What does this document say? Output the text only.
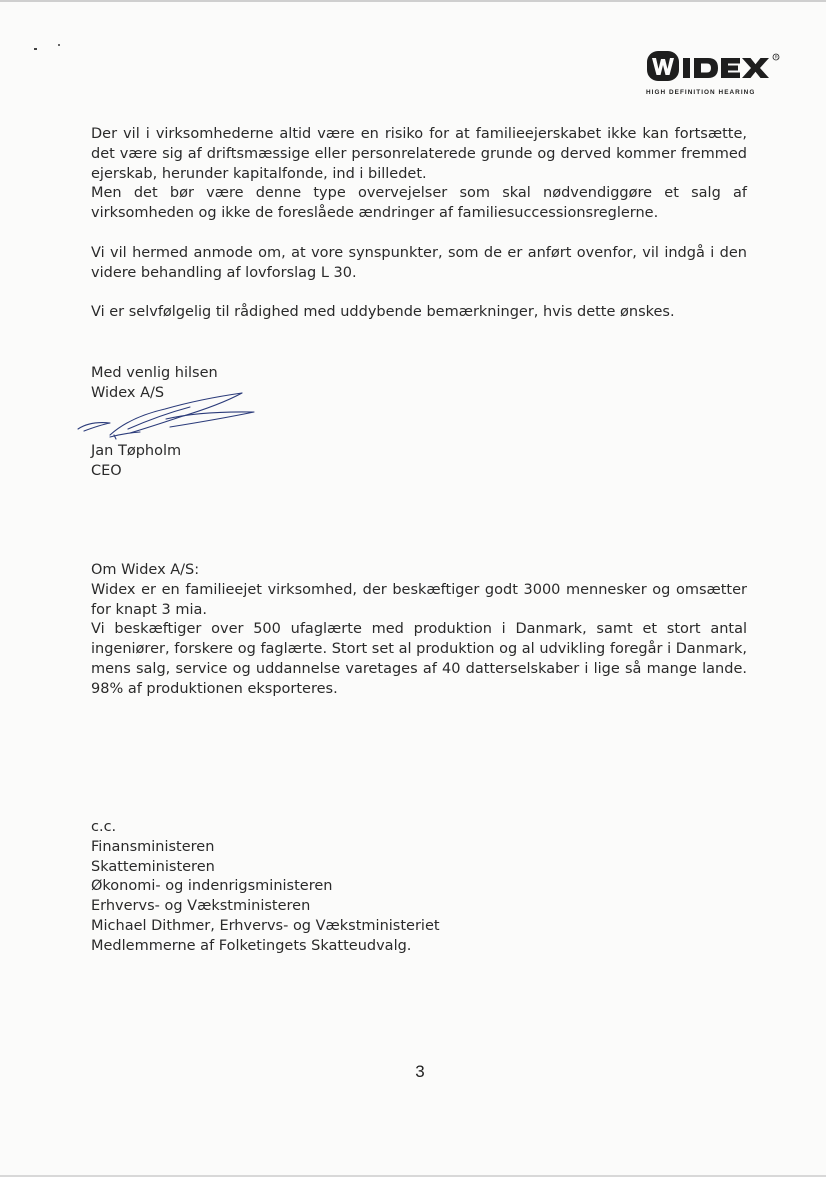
R
HIGH DEFINITION HEARING

Der vil i virksomhederne altid være en risiko for at familieejerskabet ikke kan fortsætte, det være sig af driftsmæssige eller personrelaterede grunde og derved kommer fremmed ejerskab, herunder kapitalfonde, ind i billedet.

Men det bør være denne type overvejelser som skal nødvendiggøre et salg af virksomheden og ikke de foreslåede ændringer af familiesuccessionsreglerne.

Vi vil hermed anmode om, at vore synspunkter, som de er anført ovenfor, vil indgå i den videre behandling af lovforslag L 30.

Vi er selvfølgelig til rådighed med uddybende bemærkninger, hvis dette ønskes.

Med venlig hilsen

Widex A/S

Jan Tøpholm

CEO

Om Widex A/S:

Widex er en familieejet virksomhed, der beskæftiger godt 3000 mennesker og omsætter for knapt 3 mia.

Vi beskæftiger over 500 ufaglærte med produktion i Danmark, samt et stort antal ingeniører, forskere og faglærte. Stort set al produktion og al udvikling foregår i Danmark, mens salg, service og uddannelse varetages af 40 datterselskaber i lige så mange lande. 98% af produktionen eksporteres.

c.c.

Finansministeren

Skatteministeren

Økonomi- og indenrigsministeren

Erhvervs- og Vækstministeren

Michael Dithmer, Erhvervs- og Vækstministeriet

Medlemmerne af Folketingets Skatteudvalg.

3
